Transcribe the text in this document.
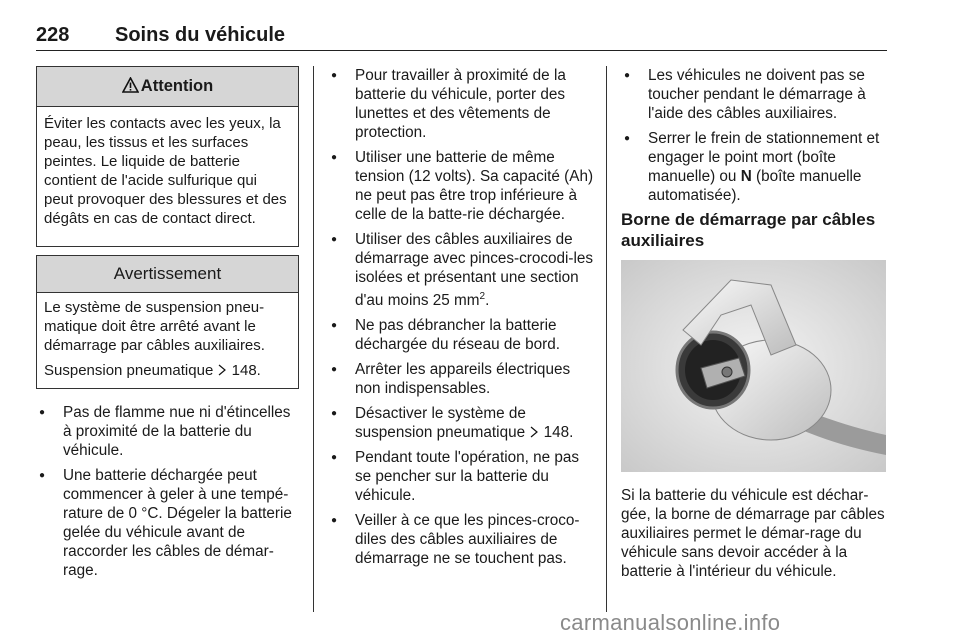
228 Soins du véhicule
Attention

Éviter les contacts avec les yeux, la peau, les tissus et les surfaces peintes. Le liquide de batterie contient de l'acide sulfurique qui peut provoquer des blessures et des dégâts en cas de contact direct.

Avertissement

Le système de suspension pneu-matique doit être arrêté avant le démarrage par câbles auxiliaires.

Suspension pneumatique 148.

● Pas de flamme nue ni d'étincelles à proximité de la batterie du véhicule.
● Une batterie déchargée peut commencer à geler à une tempé-rature de 0 °C. Dégeler la batterie gelée du véhicule avant de raccorder les câbles de démar-rage.
● Pour travailler à proximité de la batterie du véhicule, porter des lunettes et des vêtements de protection.
● Utiliser une batterie de même tension (12 volts). Sa capacité (Ah) ne peut pas être trop inférieure à celle de la batte-rie déchargée.
● Utiliser des câbles auxiliaires de démarrage avec pinces-crocodi-les isolées et présentant une section d'au moins 25 $mm^2$.
● Ne pas débrancher la batterie déchargée du réseau de bord.
● Arrêter les appareils électriques non indispensables.
● Désactiver le système de suspension pneumatique 148.
● Pendant toute l'opération, ne pas se pencher sur la batterie du véhicule.
● Veiller à ce que les pinces-croco-diles des câbles auxiliaires de démarrage ne se touchent pas.
● Les véhicules ne doivent pas se toucher pendant le démarrage à l'aide des câbles auxiliaires.
● Serrer le frein de stationnement et engager le point mort (boîte manuelle) ou N (boîte manuelle automatisée).
Borne de démarrage par câbles auxiliaires

Si la batterie du véhicule est déchar-gée, la borne de démarrage par câbles auxiliaires permet le démar-rage du véhicule sans devoir accéder à la batterie à l'intérieur du véhicule.

carmanualsonline.info
